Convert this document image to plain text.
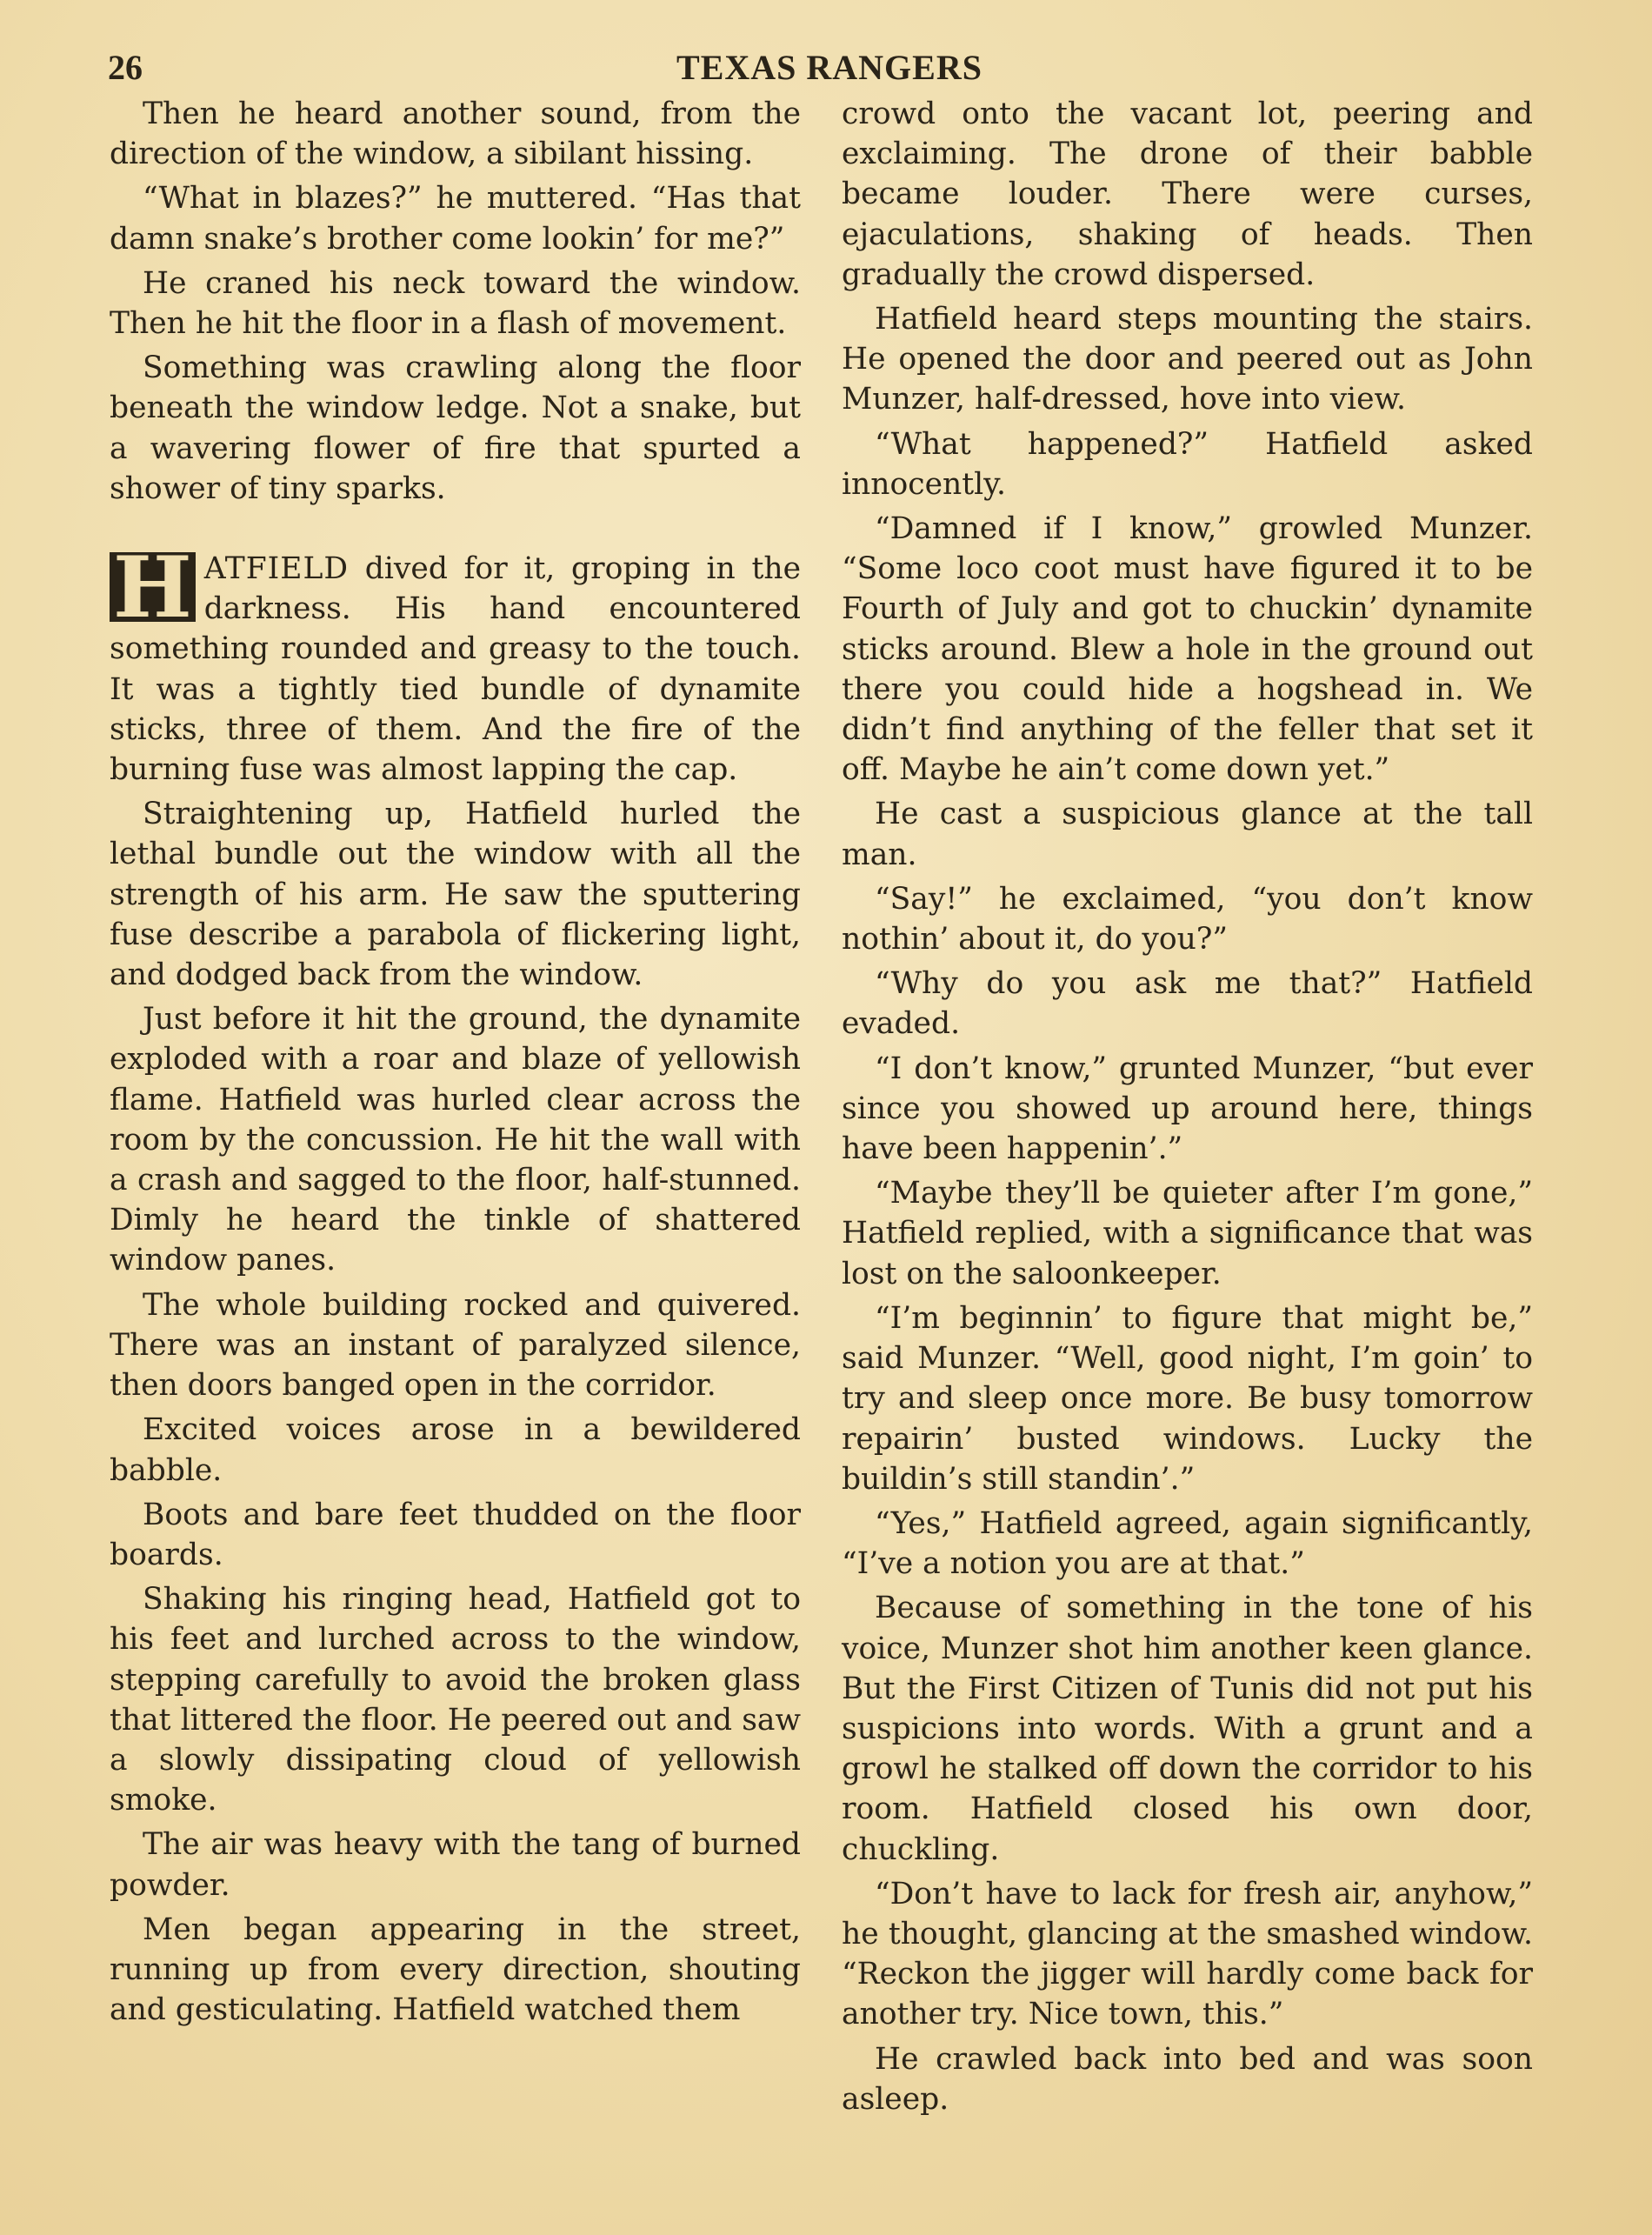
26	TEXAS RANGERS

Then he heard another sound, from the direction of the window, a sibilant hissing.

“What in blazes?” he muttered. “Has that damn snake’s brother come lookin’ for me?”

He craned his neck toward the window. Then he hit the floor in a flash of movement.

Something was crawling along the floor beneath the window ledge. Not a snake, but a wavering flower of fire that spurted a shower of tiny sparks.

H ATFIELD dived for it, groping in the darkness. His hand encountered something rounded and greasy to the touch. It was a tightly tied bundle of dynamite sticks, three of them. And the fire of the burning fuse was almost lapping the cap.

Straightening up, Hatfield hurled the lethal bundle out the window with all the strength of his arm. He saw the sputtering fuse describe a parabola of flickering light, and dodged back from the window.

Just before it hit the ground, the dynamite exploded with a roar and blaze of yellowish flame. Hatfield was hurled clear across the room by the concussion. He hit the wall with a crash and sagged to the floor, half-stunned. Dimly he heard the tinkle of shattered window panes.

The whole building rocked and quivered. There was an instant of paralyzed silence, then doors banged open in the corridor.

Excited voices arose in a bewildered babble.

Boots and bare feet thudded on the floor boards.

Shaking his ringing head, Hatfield got to his feet and lurched across to the window, stepping carefully to avoid the broken glass that littered the floor. He peered out and saw a slowly dissipating cloud of yellowish smoke.

The air was heavy with the tang of burned powder.

Men began appearing in the street, running up from every direction, shouting and gesticulating. Hatfield watched them

crowd onto the vacant lot, peering and exclaiming. The drone of their babble became louder. There were curses, ejaculations, shaking of heads. Then gradually the crowd dispersed.

Hatfield heard steps mounting the stairs. He opened the door and peered out as John Munzer, half-dressed, hove into view.

“What happened?” Hatfield asked innocently.

“Damned if I know,” growled Munzer. “Some loco coot must have figured it to be Fourth of July and got to chuckin’ dynamite sticks around. Blew a hole in the ground out there you could hide a hogshead in. We didn’t find anything of the feller that set it off. Maybe he ain’t come down yet.”

He cast a suspicious glance at the tall man.

“Say!” he exclaimed, “you don’t know nothin’ about it, do you?”

“Why do you ask me that?” Hatfield evaded.

“I don’t know,” grunted Munzer, “but ever since you showed up around here, things have been happenin’.”

“Maybe they’ll be quieter after I’m gone,” Hatfield replied, with a significance that was lost on the saloonkeeper.

“I’m beginnin’ to figure that might be,” said Munzer. “Well, good night, I’m goin’ to try and sleep once more. Be busy tomorrow repairin’ busted windows. Lucky the buildin’s still standin’.”

“Yes,” Hatfield agreed, again significantly, “I’ve a notion you are at that.”

Because of something in the tone of his voice, Munzer shot him another keen glance. But the First Citizen of Tunis did not put his suspicions into words. With a grunt and a growl he stalked off down the corridor to his room. Hatfield closed his own door, chuckling.

“Don’t have to lack for fresh air, anyhow,” he thought, glancing at the smashed window. “Reckon the jigger will hardly come back for another try. Nice town, this.”

He crawled back into bed and was soon asleep.
